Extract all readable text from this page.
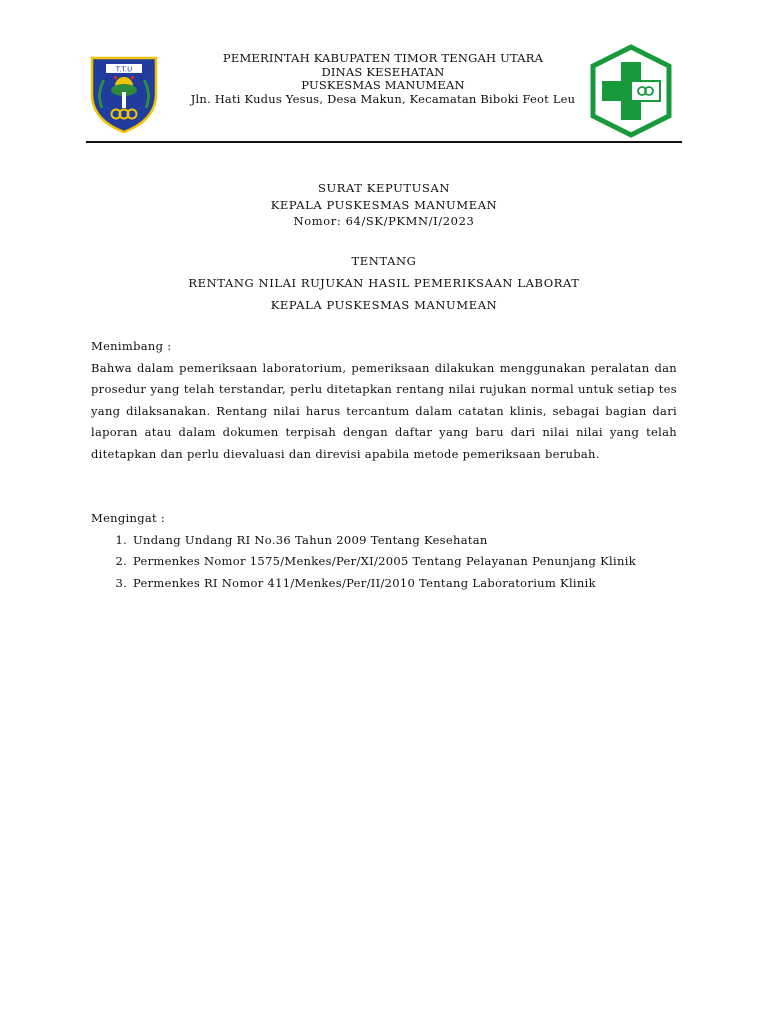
T.T.U
PEMERINTAH KABUPATEN TIMOR TENGAH UTARA
DINAS KESEHATAN
PUSKESMAS MANUMEAN
Jln. Hati Kudus Yesus, Desa Makun, Kecamatan Biboki Feot Leu
SURAT KEPUTUSAN
KEPALA PUSKESMAS MANUMEAN
Nomor: 64/SK/PKMN/I/2023
TENTANG
RENTANG NILAI RUJUKAN HASIL PEMERIKSAAN LABORAT
KEPALA PUSKESMAS MANUMEAN

Menimbang :

Bahwa dalam pemeriksaan laboratorium, pemeriksaan dilakukan menggunakan peralatan dan prosedur yang telah terstandar, perlu ditetapkan rentang nilai rujukan normal untuk setiap tes yang dilaksanakan. Rentang nilai harus tercantum dalam catatan klinis, sebagai bagian dari laporan atau dalam dokumen terpisah dengan daftar yang baru dari nilai nilai yang telah ditetapkan dan perlu dievaluasi dan direvisi apabila metode pemeriksaan berubah.

Mengingat :

1. Undang Undang RI No.36 Tahun 2009 Tentang Kesehatan
2. Permenkes Nomor 1575/Menkes/Per/XI/2005 Tentang Pelayanan Penunjang Klinik
3. Permenkes RI Nomor 411/Menkes/Per/II/2010 Tentang Laboratorium Klinik
